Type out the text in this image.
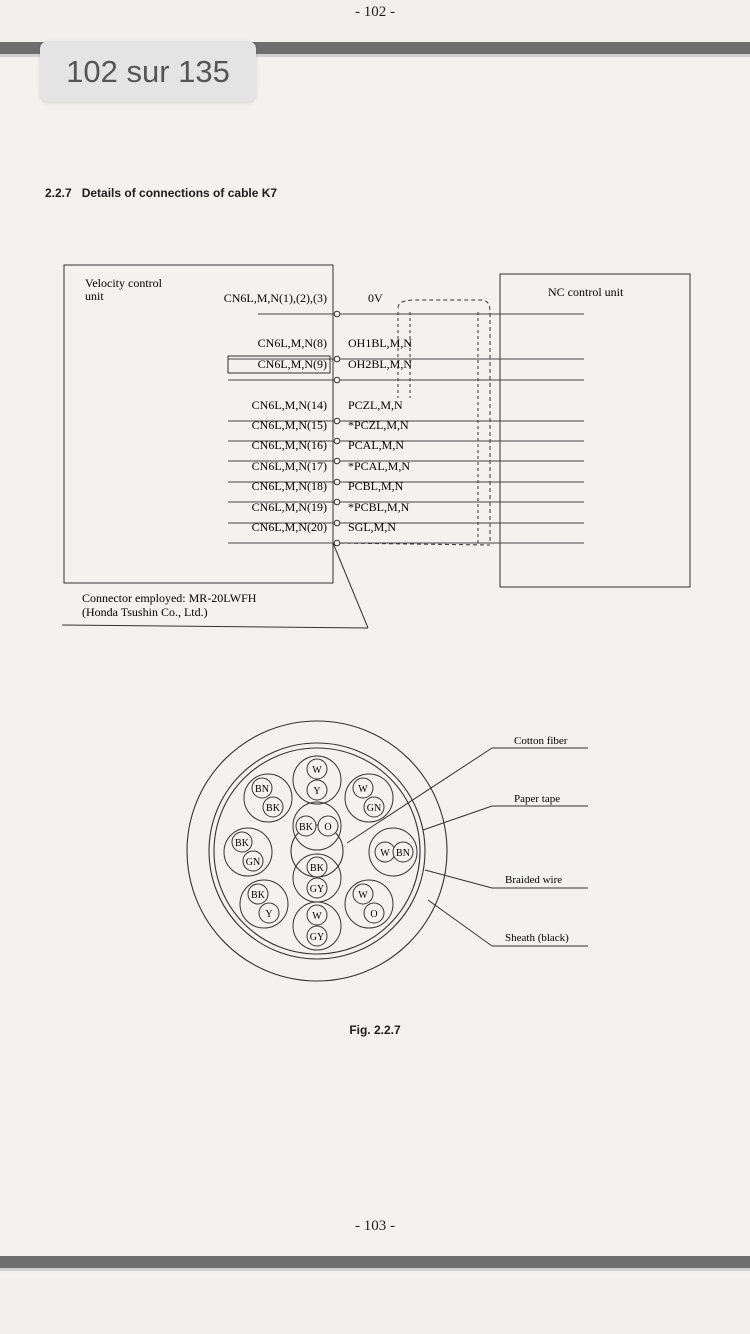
- 102 -
102 sur 135
2.2.7 Details of connections of cable K7
W
Y
BN
BK
W
GN
BK
GN
BK O
W BN
BK
GY
BK
Y
W
O
W
GY
Velocity control
unit	NC control unit
Connector employed: MR-20LWFH
(Honda Tsushin Co., Ltd.)
CN6L,M,N(1),(2),(3)	0V
CN6L,M,N(8) OH1BL,M,N
CN6L,M,N(9) OH2BL,M,N
CN6L,M,N(14) PCZL,M,N
CN6L,M,N(15) *PCZL,M,N
CN6L,M,N(16) PCAL,M,N
CN6L,M,N(17) *PCAL,M,N
CN6L,M,N(18) PCBL,M,N
CN6L,M,N(19) *PCBL,M,N
CN6L,M,N(20) SGL,M,N
Cotton fiber
Paper tape
Braided wire
Sheath (black)
Fig. 2.2.7
- 103 -
